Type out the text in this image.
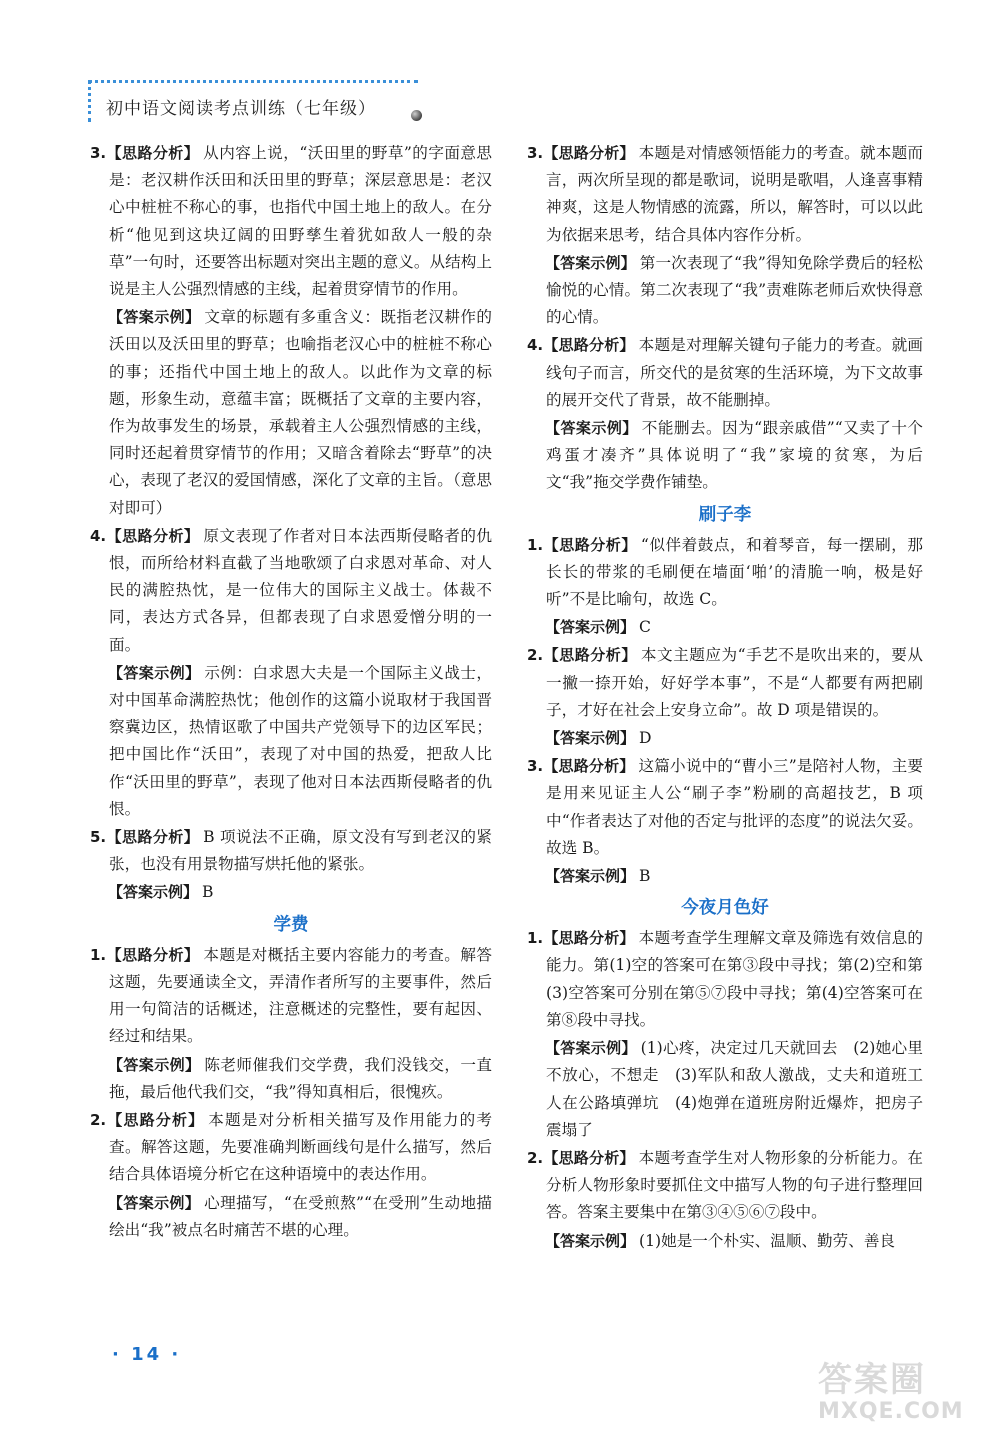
初中语文阅读考点训练（七年级）
3.【思路分析】 从内容上说，“沃田里的野草”的字面意思是：老汉耕作沃田和沃田里的野草；深层意思是：老汉心中桩桩不称心的事，也指代中国土地上的敌人。在分析“他见到这块辽阔的田野孳生着犹如敌人一般的杂草”一句时，还要答出标题对突出主题的意义。从结构上说是主人公强烈情感的主线，起着贯穿情节的作用。
【答案示例】 文章的标题有多重含义：既指老汉耕作的沃田以及沃田里的野草；也喻指老汉心中的桩桩不称心的事；还指代中国土地上的敌人。以此作为文章的标题，形象生动，意蕴丰富；既概括了文章的主要内容，作为故事发生的场景，承载着主人公强烈情感的主线，同时还起着贯穿情节的作用；又暗含着除去“野草”的决心，表现了老汉的爱国情感，深化了文章的主旨。（意思对即可）
4.【思路分析】 原文表现了作者对日本法西斯侵略者的仇恨，而所给材料直截了当地歌颂了白求恩对革命、对人民的满腔热忱，是一位伟大的国际主义战士。体裁不同，表达方式各异，但都表现了白求恩爱憎分明的一面。
【答案示例】 示例：白求恩大夫是一个国际主义战士，对中国革命满腔热忱；他创作的这篇小说取材于我国晋察冀边区，热情讴歌了中国共产党领导下的边区军民；把中国比作“沃田”，表现了对中国的热爱，把敌人比作“沃田里的野草”，表现了他对日本法西斯侵略者的仇恨。
5.【思路分析】 B 项说法不正确，原文没有写到老汉的紧张，也没有用景物描写烘托他的紧张。
【答案示例】 B
学费
1.【思路分析】 本题是对概括主要内容能力的考查。解答这题，先要通读全文，弄清作者所写的主要事件，然后用一句简洁的话概述，注意概述的完整性，要有起因、经过和结果。
【答案示例】 陈老师催我们交学费，我们没钱交，一直拖，最后他代我们交，“我”得知真相后，很愧疚。
2.【思路分析】 本题是对分析相关描写及作用能力的考查。解答这题，先要准确判断画线句是什么描写，然后结合具体语境分析它在这种语境中的表达作用。
【答案示例】 心理描写，“在受煎熬”“在受刑”生动地描绘出“我”被点名时痛苦不堪的心理。
3.【思路分析】 本题是对情感领悟能力的考查。就本题而言，两次所呈现的都是歌词，说明是歌唱，人逢喜事精神爽，这是人物情感的流露，所以，解答时，可以以此为依据来思考，结合具体内容作分析。
【答案示例】 第一次表现了“我”得知免除学费后的轻松愉悦的心情。第二次表现了“我”责难陈老师后欢快得意的心情。
4.【思路分析】 本题是对理解关键句子能力的考查。就画线句子而言，所交代的是贫寒的生活环境，为下文故事的展开交代了背景，故不能删掉。
【答案示例】 不能删去。因为“跟亲戚借”“又卖了十个鸡蛋才凑齐”具体说明了“我”家境的贫寒，为后文“我”拖交学费作铺垫。
刷子李
1.【思路分析】 “似伴着鼓点，和着琴音，每一摆刷，那长长的带浆的毛刷便在墙面‘啪’的清脆一响，极是好听”不是比喻句，故选 C。
【答案示例】 C
2.【思路分析】 本文主题应为“手艺不是吹出来的，要从一撇一捺开始，好好学本事”，不是“人都要有两把刷子，才好在社会上安身立命”。故 D 项是错误的。
【答案示例】 D
3.【思路分析】 这篇小说中的“曹小三”是陪衬人物，主要是用来见证主人公“刷子李”粉刷的高超技艺，B 项中“作者表达了对他的否定与批评的态度”的说法欠妥。故选 B。
【答案示例】 B
今夜月色好
1.【思路分析】 本题考查学生理解文章及筛选有效信息的能力。第(1)空的答案可在第③段中寻找；第(2)空和第(3)空答案可分别在第⑤⑦段中寻找；第(4)空答案可在第⑧段中寻找。
【答案示例】 (1)心疼，决定过几天就回去　(2)她心里不放心，不想走　(3)军队和敌人激战，丈夫和道班工人在公路填弹坑　(4)炮弹在道班房附近爆炸，把房子震塌了
2.【思路分析】 本题考查学生对人物形象的分析能力。在分析人物形象时要抓住文中描写人物的句子进行整理回答。答案主要集中在第③④⑤⑥⑦段中。
【答案示例】 (1)她是一个朴实、温顺、勤劳、善良
· 14 ·
答案圈
MXQE.COM
